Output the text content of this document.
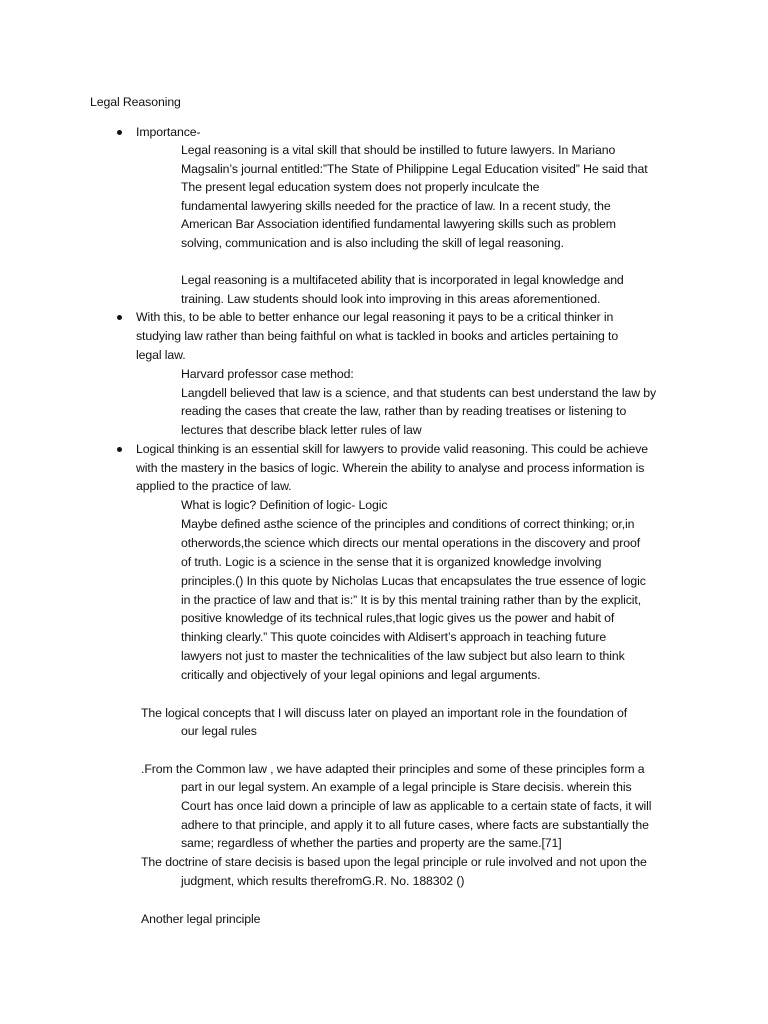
Legal Reasoning
Importance-
Legal reasoning is a vital skill that should be instilled to future lawyers. In Mariano
Magsalin’s journal entitled:”The State of Philippine Legal Education visited” He said that
The present legal education system does not properly inculcate the
fundamental lawyering skills needed for the practice of law. In a recent study, the
American Bar Association identified fundamental lawyering skills such as problem
solving, communication and is also including the skill of legal reasoning.
Legal reasoning is a multifaceted ability that is incorporated in legal knowledge and
training. Law students should look into improving in this areas aforementioned.
With this, to be able to better enhance our legal reasoning it pays to be a critical thinker in
studying law rather than being faithful on what is tackled in books and articles pertaining to
legal law.
Harvard professor case method:
Langdell believed that law is a science, and that students can best understand the law by
reading the cases that create the law, rather than by reading treatises or listening to
lectures that describe black letter rules of law
Logical thinking is an essential skill for lawyers to provide valid reasoning. This could be achieve
with the mastery in the basics of logic. Wherein the ability to analyse and process information is
applied to the practice of law.
What is logic? Definition of logic- Logic
Maybe defined asthe science of the principles and conditions of correct thinking; or,in
otherwords,the science which directs our mental operations in the discovery and proof
of truth. Logic is a science in the sense that it is organized knowledge involving
principles.() In this quote by Nicholas Lucas that encapsulates the true essence of logic
in the practice of law and that is:” It is by this mental training rather than by the explicit,
positive knowledge of its technical rules,that logic gives us the power and habit of
thinking clearly.” This quote coincides with Aldisert’s approach in teaching future
lawyers not just to master the technicalities of the law subject but also learn to think
critically and objectively of your legal opinions and legal arguments.
The logical concepts that I will discuss later on played an important role in the foundation of
our legal rules
.From the Common law , we have adapted their principles and some of these principles form a
part in our legal system. An example of a legal principle is Stare decisis. wherein this
Court has once laid down a principle of law as applicable to a certain state of facts, it will
adhere to that principle, and apply it to all future cases, where facts are substantially the
same; regardless of whether the parties and property are the same.[71]
The doctrine of stare decisis is based upon the legal principle or rule involved and not upon the
judgment, which results therefromG.R. No. 188302 ()
Another legal principle
